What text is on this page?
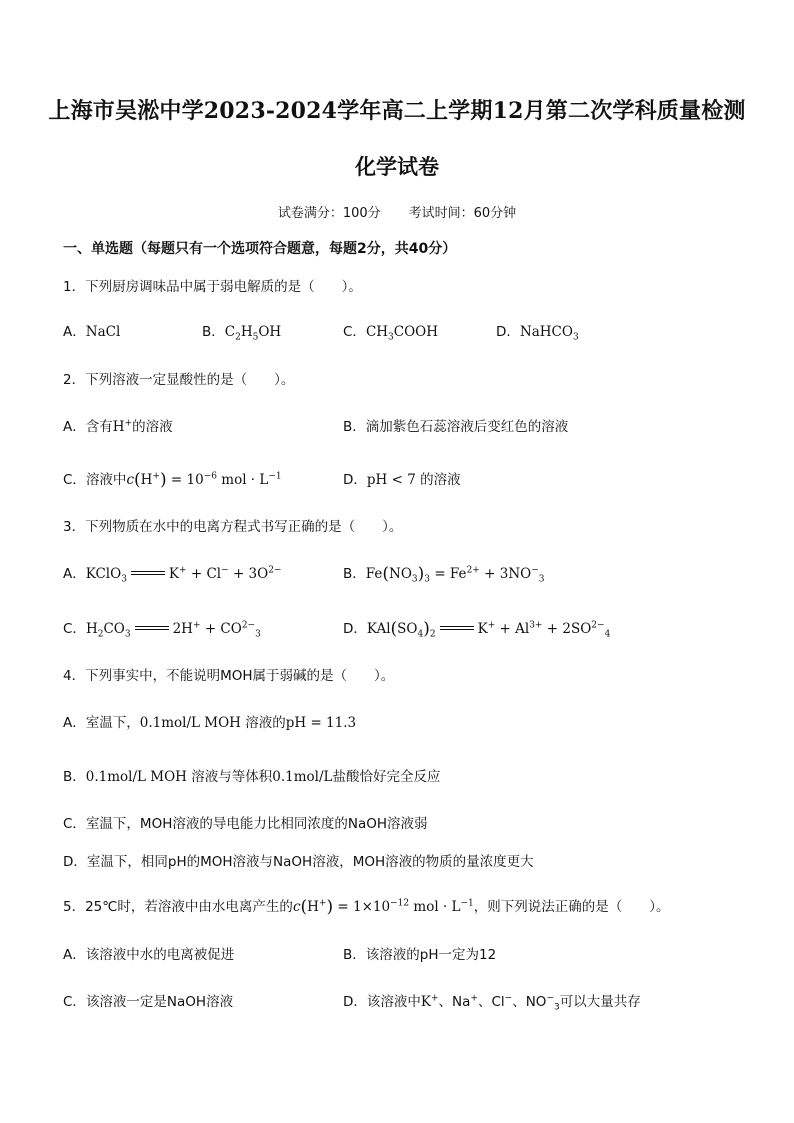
上海市吴淞中学2023-2024学年高二上学期12月第二次学科质量检测
化学试卷
试卷满分：100分 考试时间：60分钟
一、单选题（每题只有一个选项符合题意，每题2分，共40分）
1．下列厨房调味品中属于弱电解质的是（　　）。
A．NaCl	B．$C_2H_5OH$	C．$CH_3COOH$	D．NaHCO$_3$
2．下列溶液一定显酸性的是（　　）。
A．含有H+的溶液	B．滴加紫色石蕊溶液后变红色的溶液
C．溶液中$c(H^+) = 10^{-6}$ mol · $L^{-1}$	D．pH < 7 的溶液
3．下列物质在水中的电离方程式书写正确的是（　　）。
A．KClO$_3$	$K^+ + Cl^- + 3O^{2-}$	B．$Fe(NO_3)_3 = Fe^{2+} + 3NO^-_3$
C．$H_2CO_3$	$2H^+ + CO^{2-}_3$	D．$KAl(SO_4)_2$	$K^+ + Al^{3+} + 2SO^{2-}_4$
4．下列事实中，不能说明MOH属于弱碱的是（　　）。
A．室温下，0.1mol/L MOH 溶液的pH = 11.3
B．0.1mol/L MOH 溶液与等体积0.1mol/L盐酸恰好完全反应
C．室温下，MOH溶液的导电能力比相同浓度的NaOH溶液弱
D．室温下，相同pH的MOH溶液与NaOH溶液，MOH溶液的物质的量浓度更大
5．25℃时，若溶液中由水电离产生的$c(H^+) = 1\times 10^{-12}$ mol · $L^{-1}$，则下列说法正确的是（　　）。
A．该溶液中水的电离被促进	B．该溶液的pH一定为12
C．该溶液一定是NaOH溶液	D．该溶液中K+、Na+、Cl−、$NO^-_3$可以大量共存
